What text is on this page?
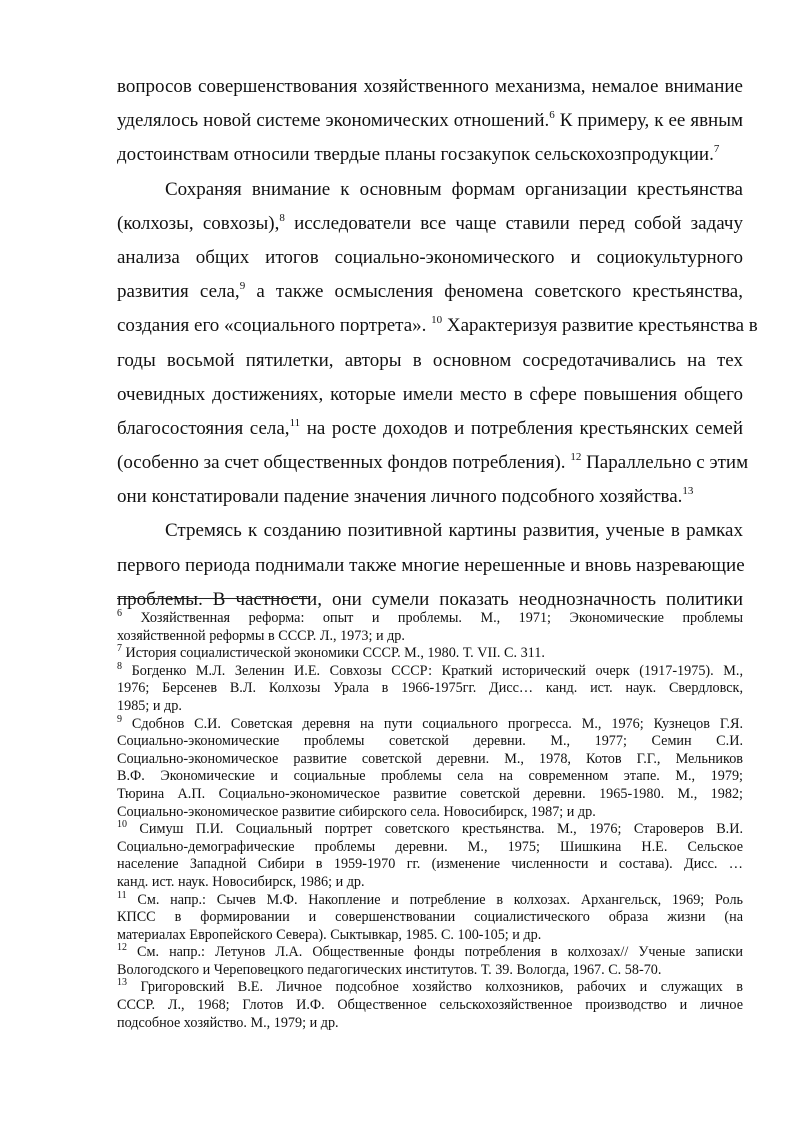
вопросов совершенствования хозяйственного механизма, немалое внимание
уделялось новой системе экономических отношений.$^6$ К примеру, к ее явным
достоинствам относили твердые планы госзакупок сельскохозпродукции.$^7$
Сохраняя внимание к основным формам организации крестьянства
(колхозы, совхозы),$^8$ исследователи все чаще ставили перед собой задачу
анализа общих итогов социально-экономического и социокультурного
развития села,$^9$ а также осмысления феномена советского крестьянства,
создания его «социального портрета». $^{10}$ Характеризуя развитие крестьянства в
годы восьмой пятилетки, авторы в основном сосредотачивались на тех
очевидных достижениях, которые имели место в сфере повышения общего
благосостояния села,$^{11}$ на росте доходов и потребления крестьянских семей
(особенно за счет общественных фондов потребления). $^{12}$ Параллельно с этим
они констатировали падение значения личного подсобного хозяйства.$^{13}$
Стремясь к созданию позитивной картины развития, ученые в рамках
первого периода поднимали также многие нерешенные и вновь назревающие
проблемы. В частности, они сумели показать неоднозначность политики
$^6$ Хозяйственная реформа: опыт и проблемы. М., 1971; Экономические проблемы
хозяйственной реформы в СССР. Л., 1973; и др.
$^7$ История социалистической экономики СССР. М., 1980. Т. VII. С. 311.
$^8$ Богденко М.Л. Зеленин И.Е. Совхозы СССР: Краткий исторический очерк (1917-1975). М.,
1976; Берсенев В.Л. Колхозы Урала в 1966-1975гг. Дисс… канд. ист. наук. Свердловск,
1985; и др.
$^9$ Сдобнов С.И. Советская деревня на пути социального прогресса. М., 1976; Кузнецов Г.Я.
Социально-экономические проблемы советской деревни. М., 1977; Семин С.И.
Социально-экономическое развитие советской деревни. М., 1978, Котов Г.Г., Мельников
В.Ф. Экономические и социальные проблемы села на современном этапе. М., 1979;
Тюрина А.П. Социально-экономическое развитие советской деревни. 1965-1980. М., 1982;
Социально-экономическое развитие сибирского села. Новосибирск, 1987; и др.
$^{10}$ Симуш П.И. Социальный портрет советского крестьянства. М., 1976; Староверов В.И.
Социально-демографические проблемы деревни. М., 1975; Шишкина Н.Е. Сельское
население Западной Сибири в 1959-1970 гг. (изменение численности и состава). Дисс. …
канд. ист. наук. Новосибирск, 1986; и др.
$^{11}$ См. напр.: Сычев М.Ф. Накопление и потребление в колхозах. Архангельск, 1969; Роль
КПСС в формировании и совершенствовании социалистического образа жизни (на
материалах Европейского Севера). Сыктывкар, 1985. С. 100-105; и др.
$^{12}$ См. напр.: Летунов Л.А. Общественные фонды потребления в колхозах// Ученые записки
Вологодского и Череповецкого педагогических институтов. Т. 39. Вологда, 1967. С. 58-70.
$^{13}$ Григоровский В.Е. Личное подсобное хозяйство колхозников, рабочих и служащих в
СССР. Л., 1968; Глотов И.Ф. Общественное сельскохозяйственное производство и личное
подсобное хозяйство. М., 1979; и др.
